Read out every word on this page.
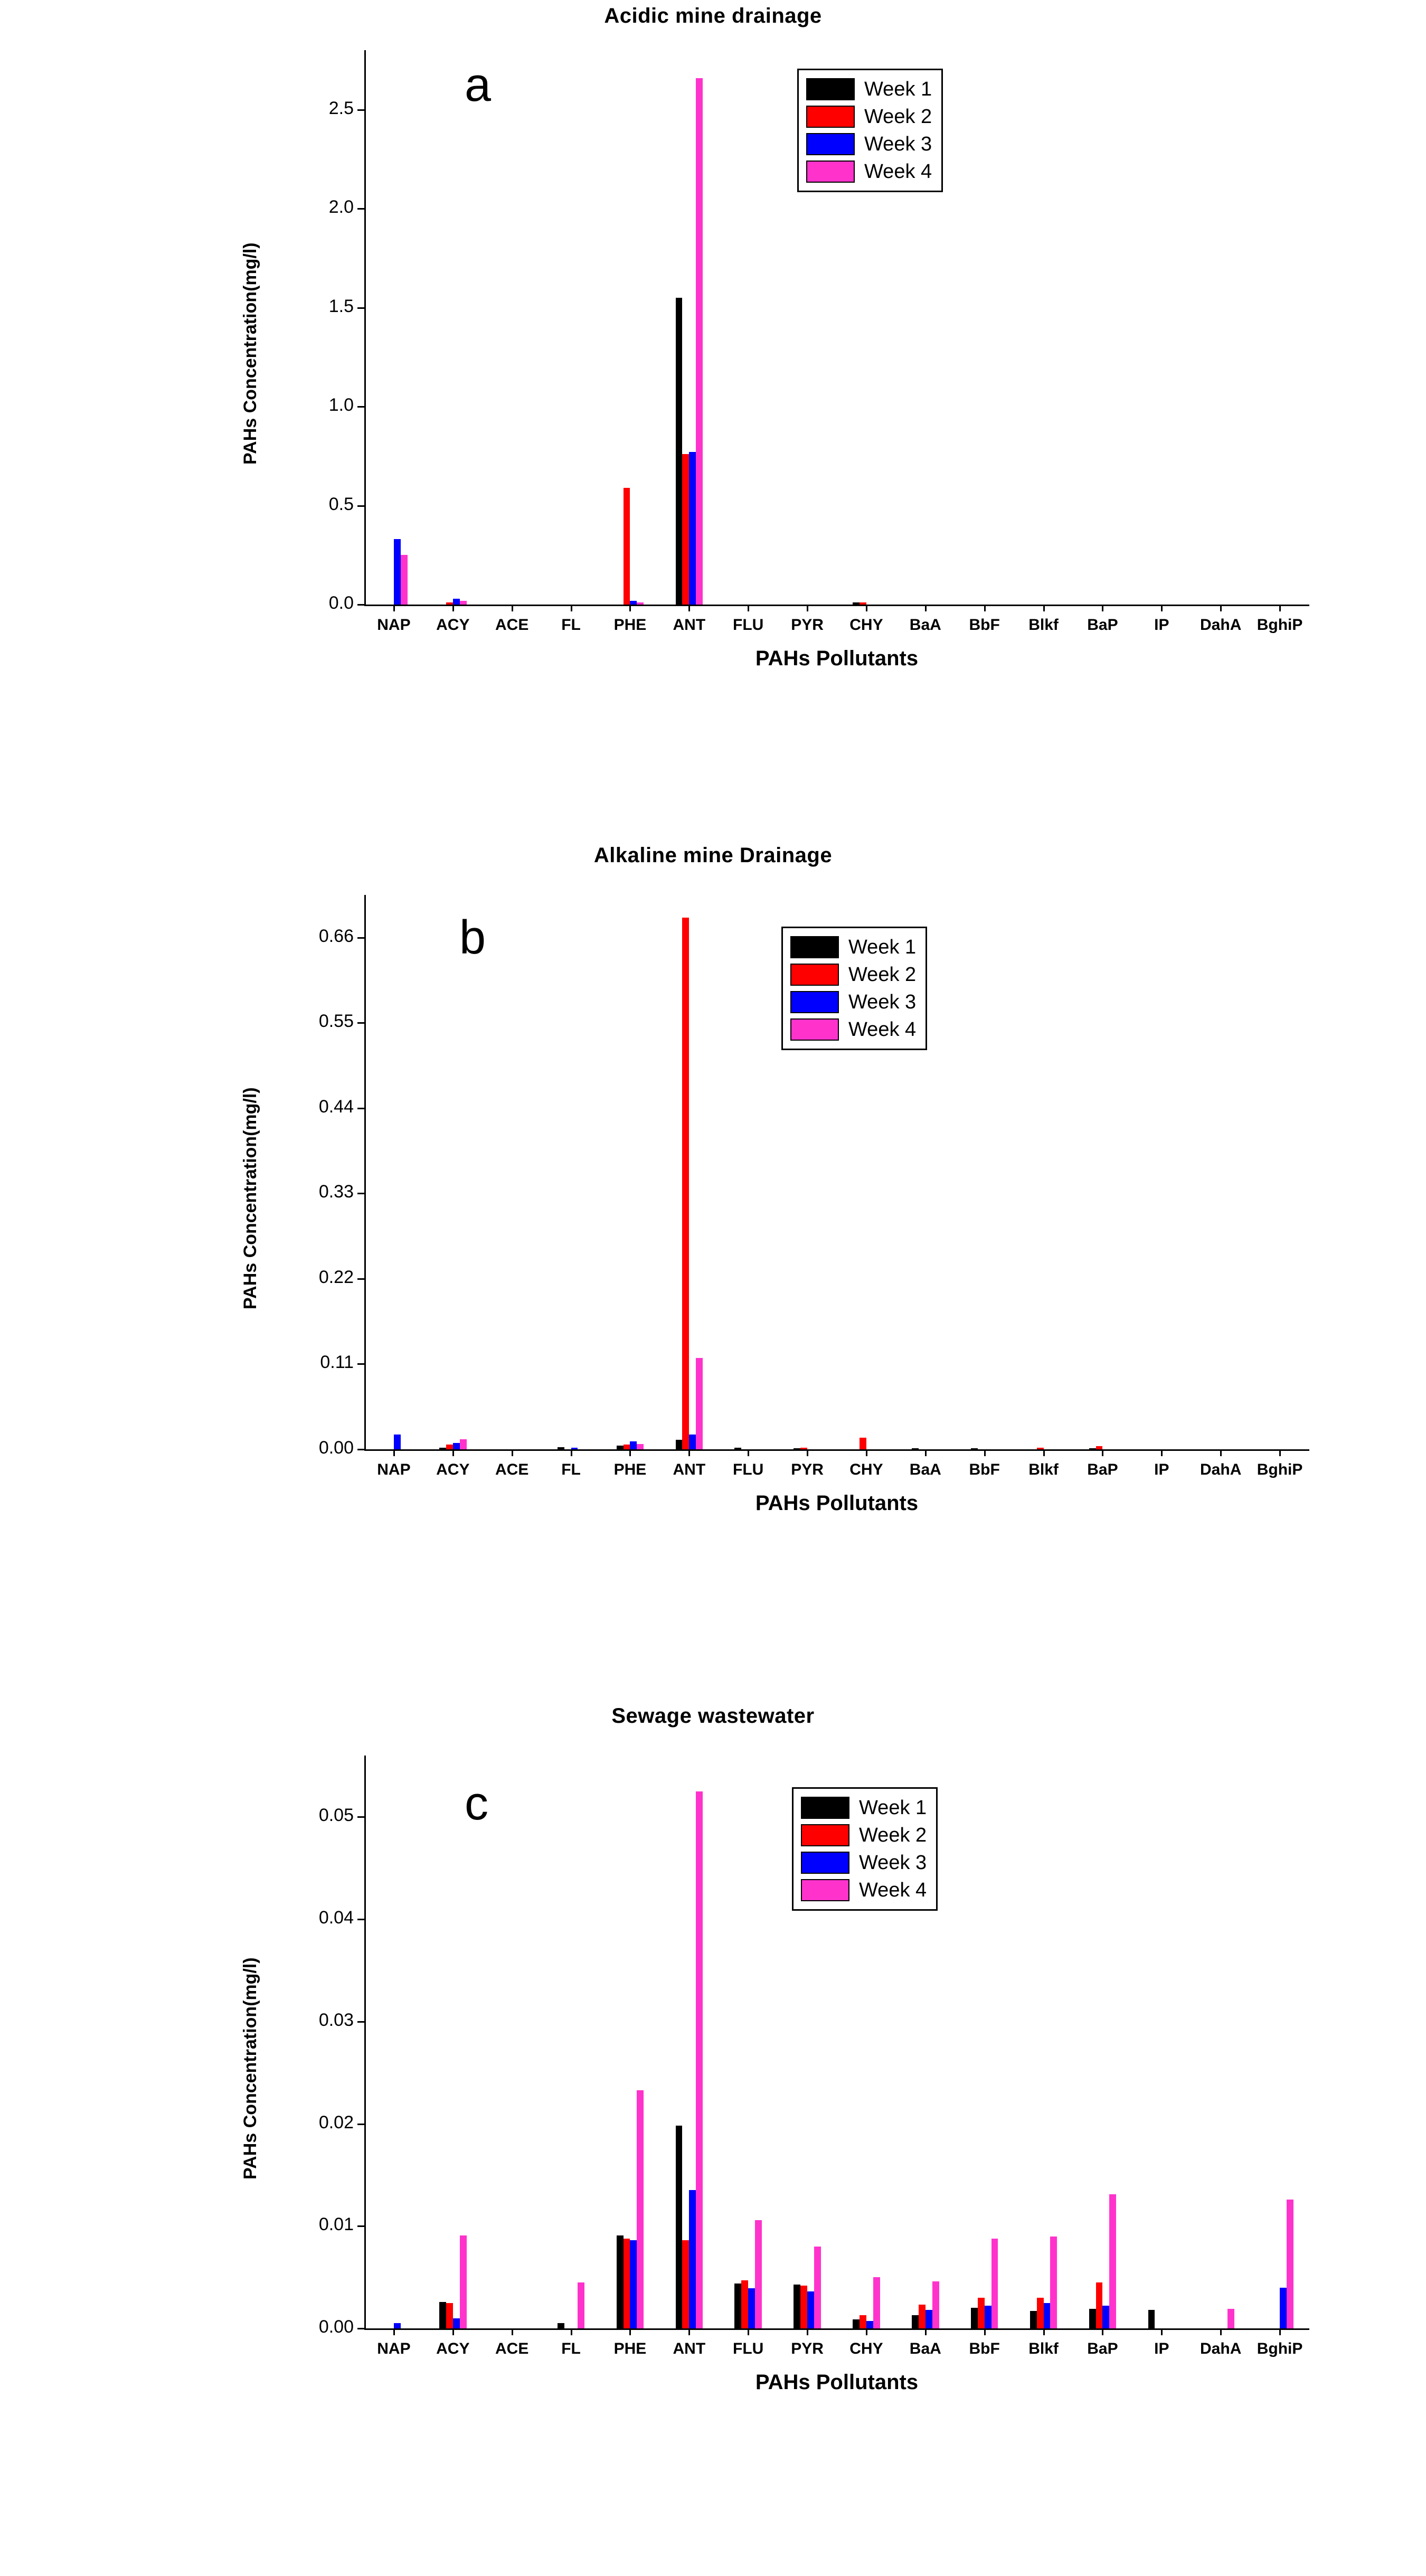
Acidic mine drainage
0.0
0.5
1.0
1.5
2.0
2.5
NAP	ACY	ACE	FL	PHE	ANT	FLU	PYR	CHY	BaA	BbF	Blkf	BaP	IP	DahA BghiP
PAHs Pollutants
PAHs Concentration(mg/l)
a	Week 1
Week 2
Week 3
Week 4
Alkaline mine Drainage
0.00
0.11
0.22
0.33
0.44
0.55
0.66
NAP	ACY	ACE	FL	PHE	ANT	FLU	PYR	CHY	BaA	BbF	Blkf	BaP	IP	DahA BghiP
PAHs Pollutants
PAHs Concentration(mg/l)
b	Week 1
Week 2
Week 3
Week 4
Sewage wastewater
0.00
0.01
0.02
0.03
0.04
0.05
NAP	ACY	ACE	FL	PHE	ANT	FLU	PYR	CHY	BaA	BbF	Blkf	BaP	IP	DahA BghiP
PAHs Pollutants
PAHs Concentration(mg/l)
c	Week 1
Week 2
Week 3
Week 4
